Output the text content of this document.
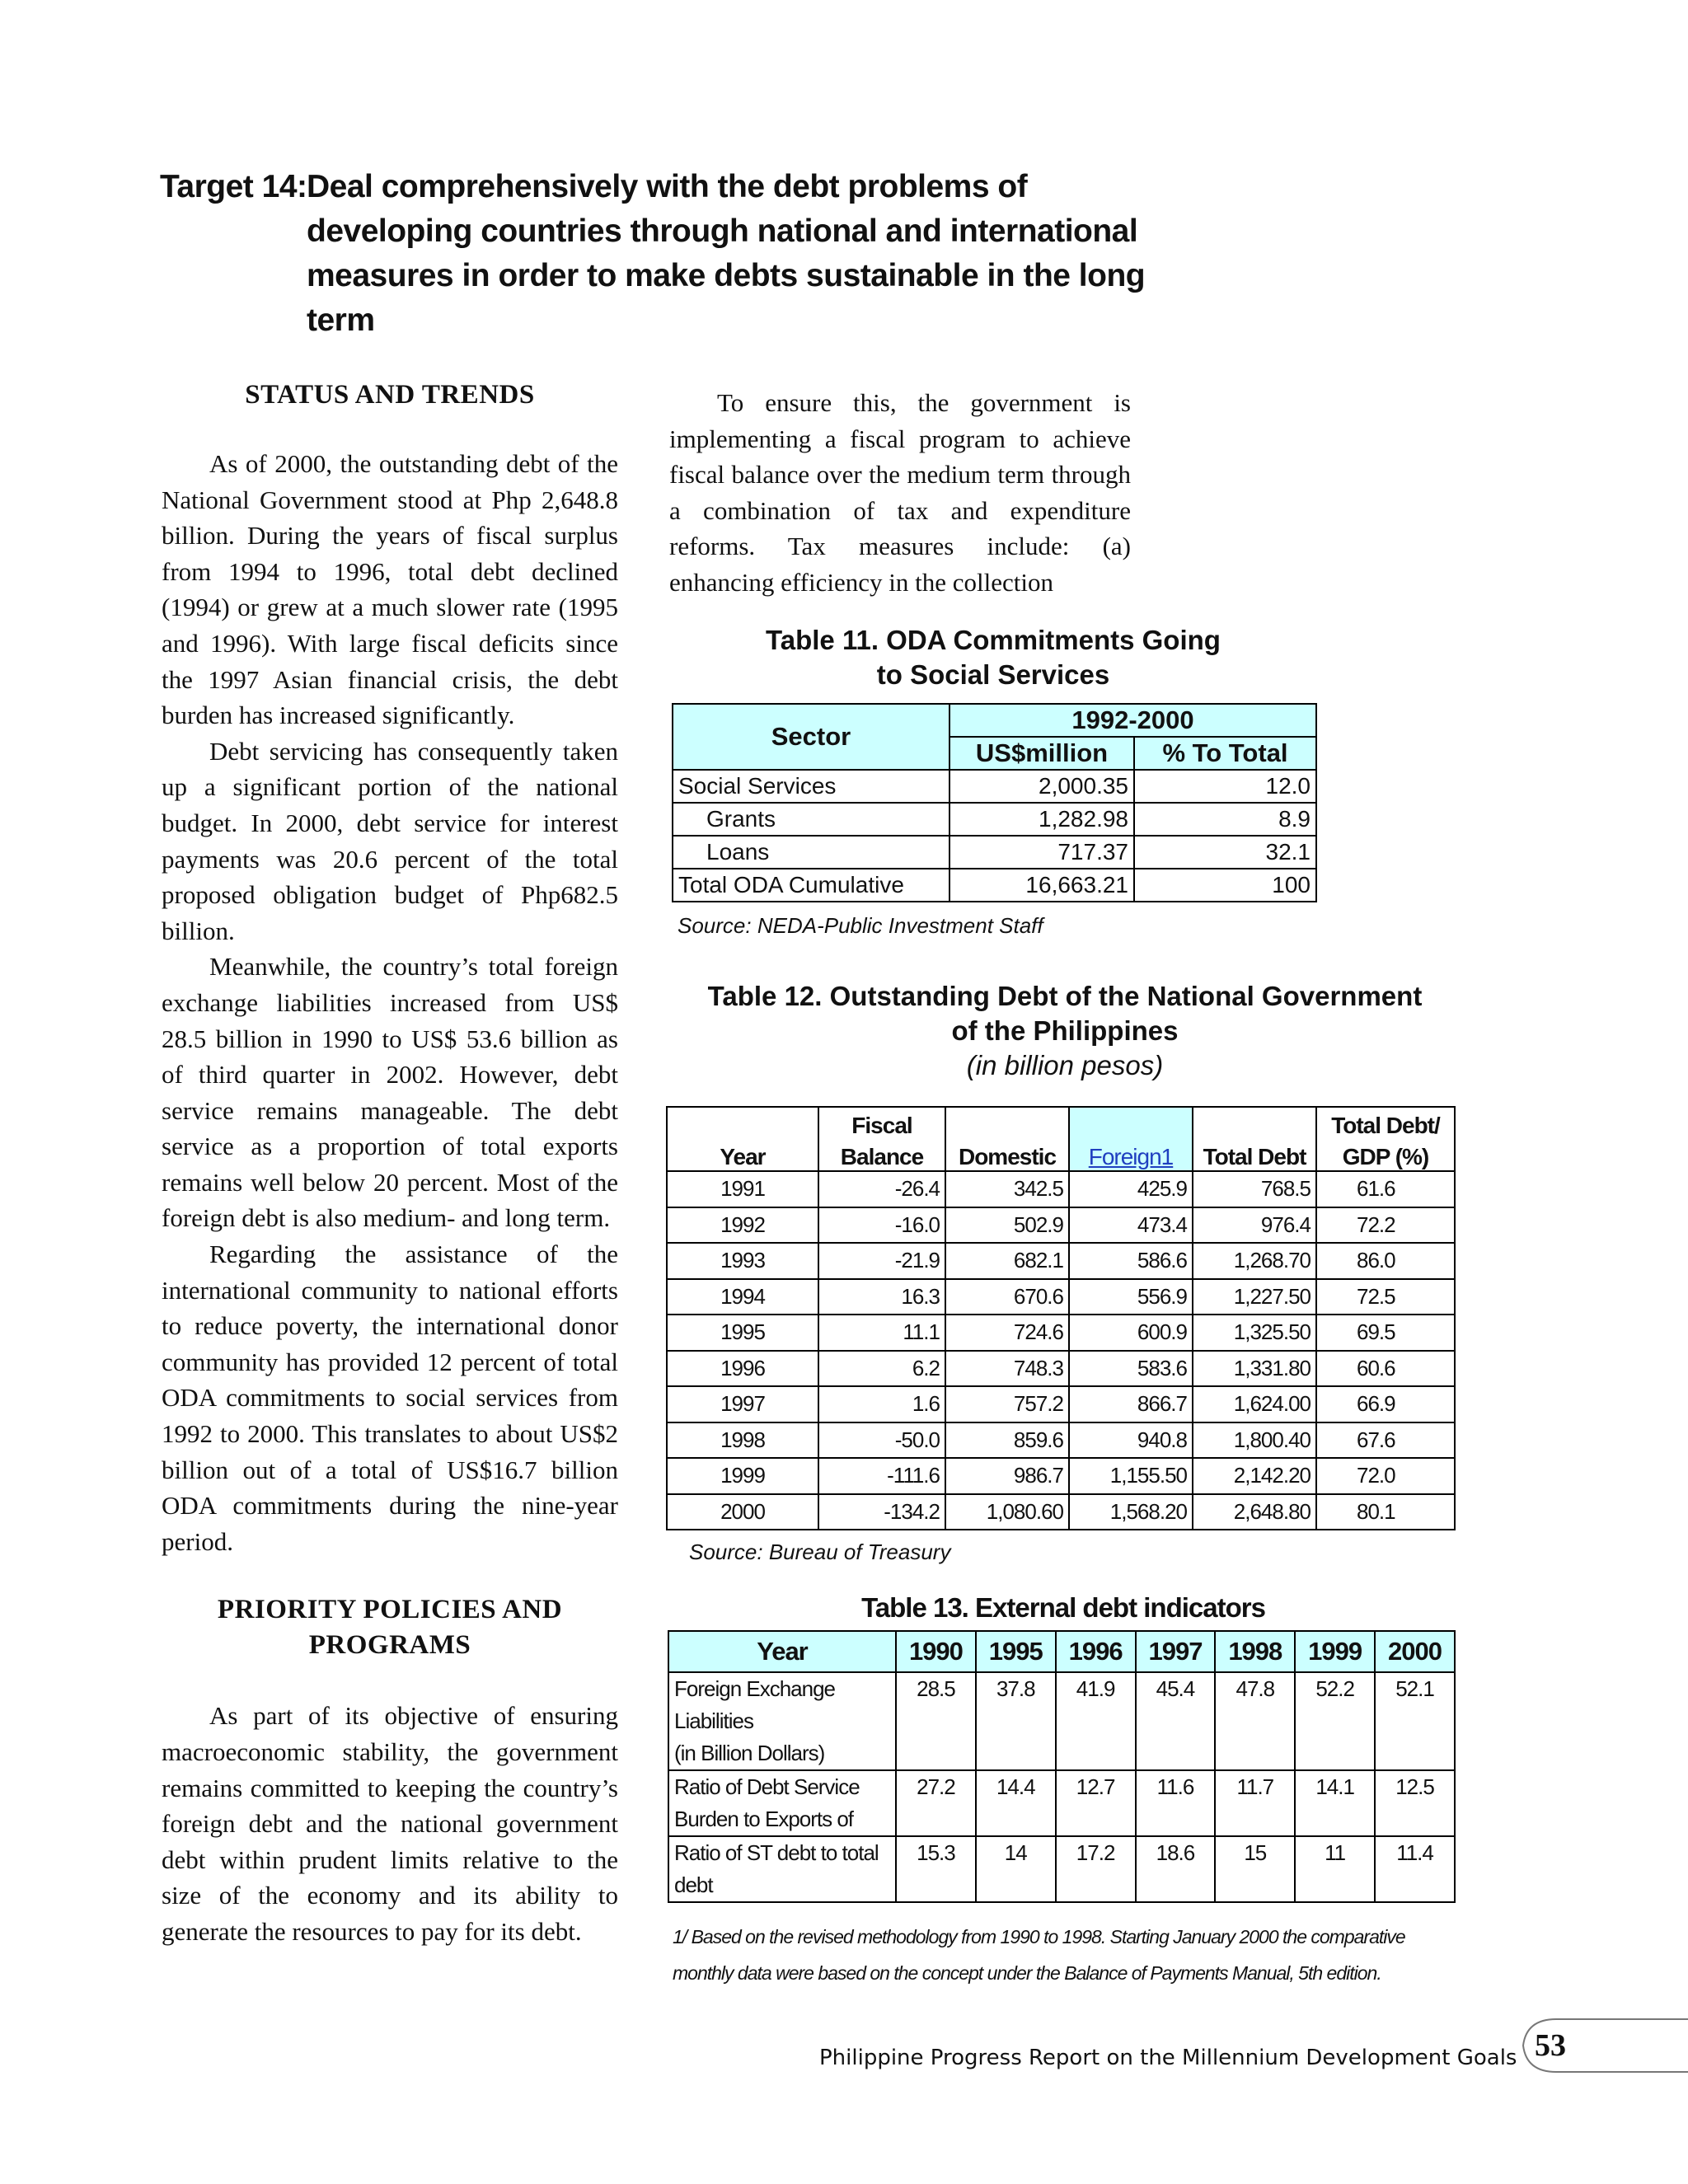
Target 14: Deal comprehensively with the debt problems of developing countries through national and international measures in order to make debts sustainable in the long term
STATUS AND TRENDS

As of 2000, the outstanding debt of the National Government stood at Php 2,648.8 billion. During the years of fiscal surplus from 1994 to 1996, total debt declined (1994) or grew at a much slower rate (1995 and 1996). With large fiscal deficits since the 1997 Asian financial crisis, the debt burden has increased significantly.

Debt servicing has consequently taken up a significant portion of the national budget. In 2000, debt service for interest payments was 20.6 percent of the total proposed obligation budget of Php682.5 billion.

Meanwhile, the country’s total foreign exchange liabilities increased from US$ 28.5 billion in 1990 to US$ 53.6 billion as of third quarter in 2002. However, debt service remains manageable. The debt service as a proportion of total exports remains well below 20 percent. Most of the foreign debt is also medium- and long term.

Regarding the assistance of the international community to national efforts to reduce poverty, the international donor community has provided 12 percent of total ODA commitments to social services from 1992 to 2000. This translates to about US$2 billion out of a total of US$16.7 billion ODA commitments during the nine-year period.

PRIORITY POLICIES AND PROGRAMS

As part of its objective of ensuring macroeconomic stability, the government remains committed to keeping the country’s foreign debt and the national government debt within prudent limits relative to the size of the economy and its ability to generate the resources to pay for its debt.

To ensure this, the government is implementing a fiscal program to achieve fiscal balance over the medium term through a combination of tax and expenditure reforms. Tax measures include: (a) enhancing efficiency in the collection

Table 11. ODA Commitments Going
to Social Services
Sector	1992-2000	
	US$million	% To Total
Social Services	2,000.35	12.0
Grants	1,282.98	8.9
Loans	717.37	32.1
Total ODA Cumulative	16,663.21	100
Source: NEDA-Public Investment Staff
Table 12. Outstanding Debt of the National Government
of the Philippines
(in billion pesos)
Year	Fiscal	Domestic	Foreign1	Total Debt	Total Debt/
	Balance				GDP (%)
1991	-26.4	342.5	425.9	768.5	61.6
1992	-16.0	502.9	473.4	976.4	72.2
1993	-21.9	682.1	586.6	1,268.70	86.0
1994	16.3	670.6	556.9	1,227.50	72.5
1995	11.1	724.6	600.9	1,325.50	69.5
1996	6.2	748.3	583.6	1,331.80	60.6
1997	1.6	757.2	866.7	1,624.00	66.9
1998	-50.0	859.6	940.8	1,800.40	67.6
1999	-111.6	986.7	1,155.50	2,142.20	72.0
2000	-134.2	1,080.60	1,568.20	2,648.80	80.1
Source: Bureau of Treasury
Table 13. External debt indicators
Year	1990	1995	1996	1997	1998	1999	2000

Foreign Exchange
Liabilities
(in Billion Dollars)	28.5	37.8	41.9	45.4	47.8	52.2	52.1

Ratio of Debt Service
Burden to Exports of	27.2	14.4	12.7	11.6	11.7	14.1	12.5

Ratio of ST debt to total
debt	15.3	14	17.2	18.6	15	11	11.4
1/ Based on the revised methodology from 1990 to 1998. Starting January 2000 the comparative
monthly data were based on the concept under the Balance of Payments Manual, 5th edition.
Philippine Progress Report on the Millennium Development Goals 53
